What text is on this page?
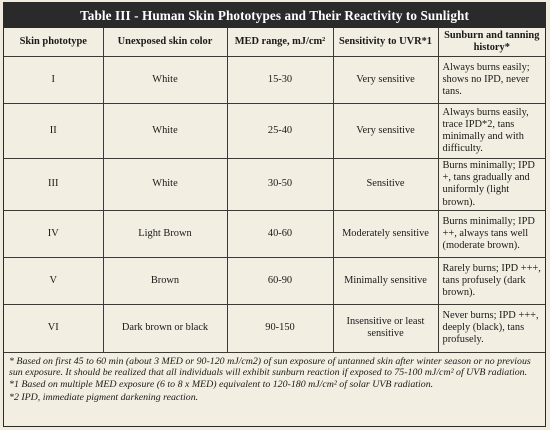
Table III - Human Skin Phototypes and Their Reactivity to Sunlight
Skin phototype	Unexposed skin color	MED range, mJ/cm²	Sensitivity to UVR*1	Sunburn and tanning history*
I	White	15-30	Very sensitive	Always burns easily; shows no IPD, never tans.
II	White	25-40	Very sensitive	Always burns easily, trace IPD*2, tans minimally and with difficulty.
III	White	30-50	Sensitive	Burns minimally; IPD +, tans gradually and uniformly (light brown).
IV	Light Brown	40-60	Moderately sensitive	Burns minimally; IPD ++, always tans well (moderate brown).
V	Brown	60-90	Minimally sensitive	Rarely burns; IPD +++, tans profusely (dark brown).
VI	Dark brown or black	90-150	Insensitive or least sensitive	Never burns; IPD +++, deeply (black), tans profusely.

* Based on first 45 to 60 min (about 3 MED or 90-120 mJ/cm2) of sun exposure of untanned skin after winter season or no previous sun exposure. It should be realized that all individuals will exhibit sunburn reaction if exposed to 75-100 mJ/cm² of UVB radiation.

*1 Based on multiple MED exposure (6 to 8 x MED) equivalent to 120-180 mJ/cm² of solar UVB radiation.

*2 IPD, immediate pigment darkening reaction.
